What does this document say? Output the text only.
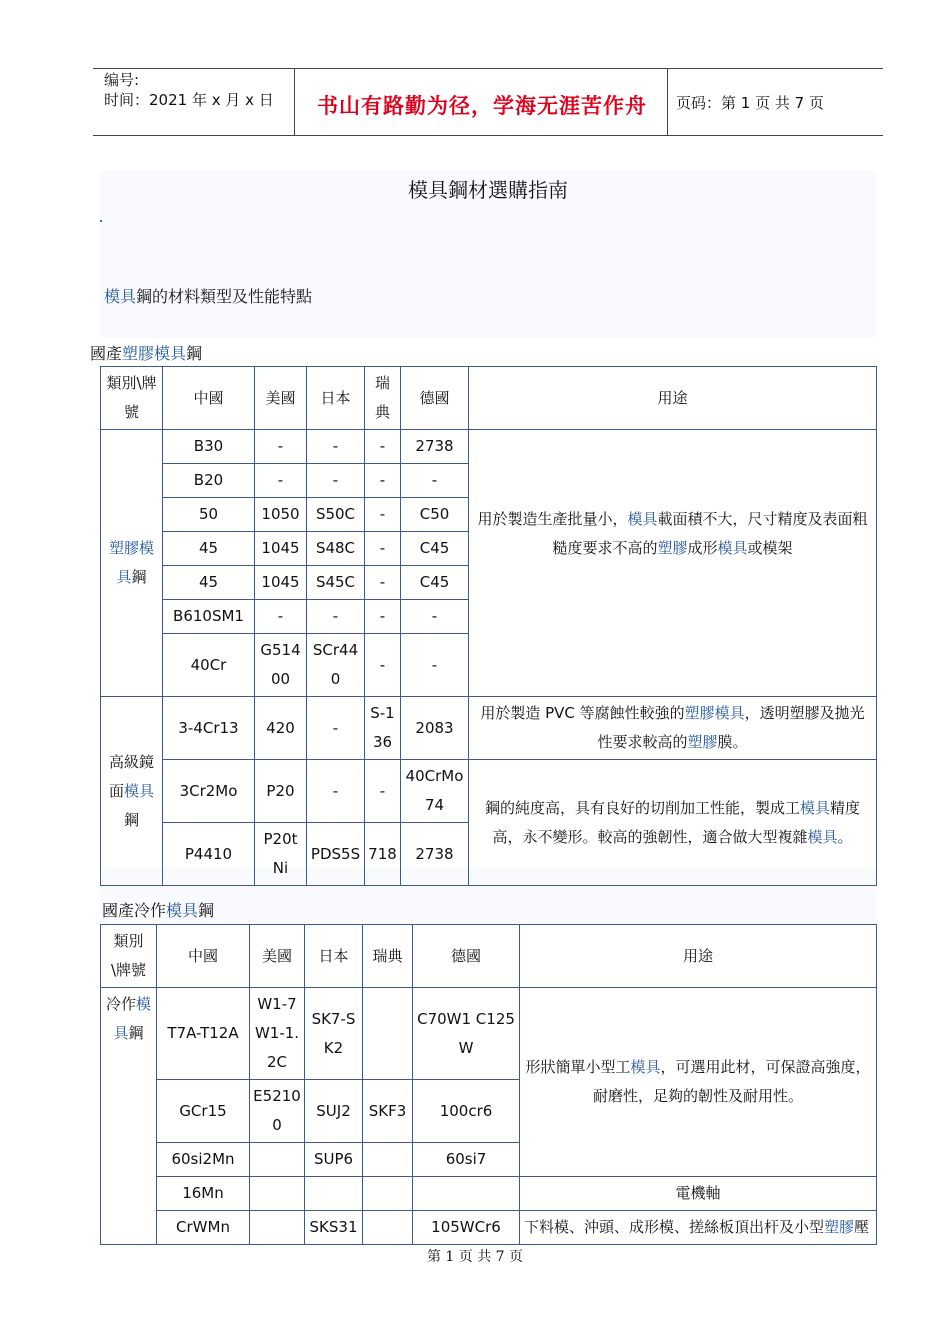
编号:
时间：2021 年 x 月 x 日	书山有路勤为径，学海无涯苦作舟	页码：第 1 页 共 7 页
模具鋼材選購指南
模具鋼的材料類型及性能特點
國產塑膠模具鋼
類別\牌號	中國	美國	日本	瑞典	德國	用途
塑膠模具鋼	B30	-	-	-	2738	用於製造生產批量小，模具載面積不大，尺寸精度及表面粗糙度要求不高的塑膠成形模具或模架

	B20	-	-	-	-	
	50	1050	S50C	-	C50	
	45	1045	S48C	-	C45	
	45	1045	S45C	-	C45	
	B610SM1	-	-	-	-	
	40Cr	G51400	SCr440	-	-	
高級鏡面模具鋼	3-4Cr13	420	-	S-136	2083	用於製造 PVC 等腐蝕性較強的塑膠模具，透明塑膠及拋光性要求較高的塑膠膜。
	3Cr2Mo	P20	-	-	40CrMo74	鋼的純度高，具有良好的切削加工性能，製成工模具精度高，永不變形。較高的強韌性，適合做大型複雜模具。
	P4410	P20tNi	PDS5S	718	2738	
國產冷作模具鋼
類別\牌號	中國	美國	日本	瑞典	德國	用途
冷作模具鋼	T7A-T12A	W1-7 W1-1.2C	SK7-SK2		C70W1 C125W	形狀簡單小型工模具，可選用此材，可保證高強度，耐磨性，足夠的韌性及耐用性。
	GCr15	E52100	SUJ2	SKF3	100cr6	
	60si2Mn		SUP6		60si7	
	16Mn					電機軸
	CrWMn		SKS31		105WCr6	下料模、沖頭、成形模、搓絲板頂出杆及小型塑膠壓
第 1 页 共 7 页
